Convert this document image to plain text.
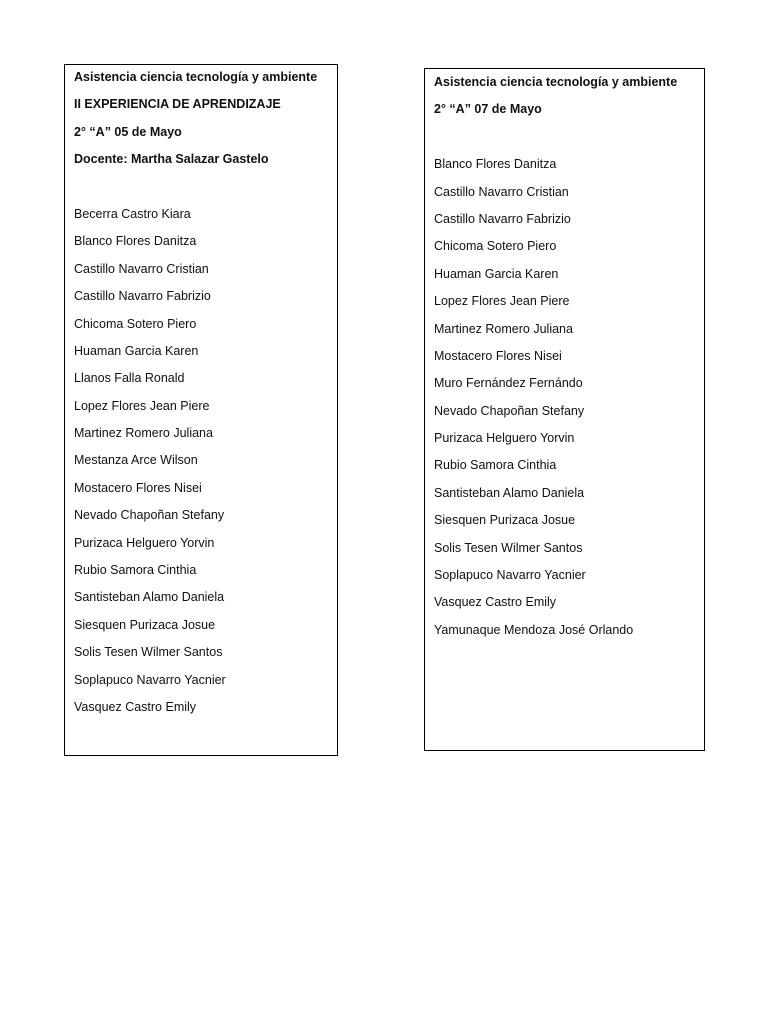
Asistencia ciencia tecnología y ambiente
II EXPERIENCIA DE APRENDIZAJE
2° “A” 05 de Mayo
Docente: Martha Salazar Gastelo
Becerra Castro Kiara
Blanco Flores Danitza
Castillo Navarro Cristian
Castillo Navarro Fabrizio
Chicoma Sotero Piero
Huaman Garcia Karen
Llanos Falla Ronald
Lopez Flores Jean Piere
Martinez Romero Juliana
Mestanza Arce Wilson
Mostacero Flores Nisei
Nevado Chapoñan Stefany
Purizaca Helguero Yorvin
Rubio Samora Cinthia
Santisteban Alamo Daniela
Siesquen Purizaca Josue
Solis Tesen Wilmer Santos
Soplapuco Navarro Yacnier
Vasquez Castro Emily
Asistencia ciencia tecnología y ambiente
2° “A” 07 de Mayo
Blanco Flores Danitza
Castillo Navarro Cristian
Castillo Navarro Fabrizio
Chicoma Sotero Piero
Huaman Garcia Karen
Lopez Flores Jean Piere
Martinez Romero Juliana
Mostacero Flores Nisei
Muro Fernández Fernándo
Nevado Chapoñan Stefany
Purizaca Helguero Yorvin
Rubio Samora Cinthia
Santisteban Alamo Daniela
Siesquen Purizaca Josue
Solis Tesen Wilmer Santos
Soplapuco Navarro Yacnier
Vasquez Castro Emily
Yamunaque Mendoza José Orlando
